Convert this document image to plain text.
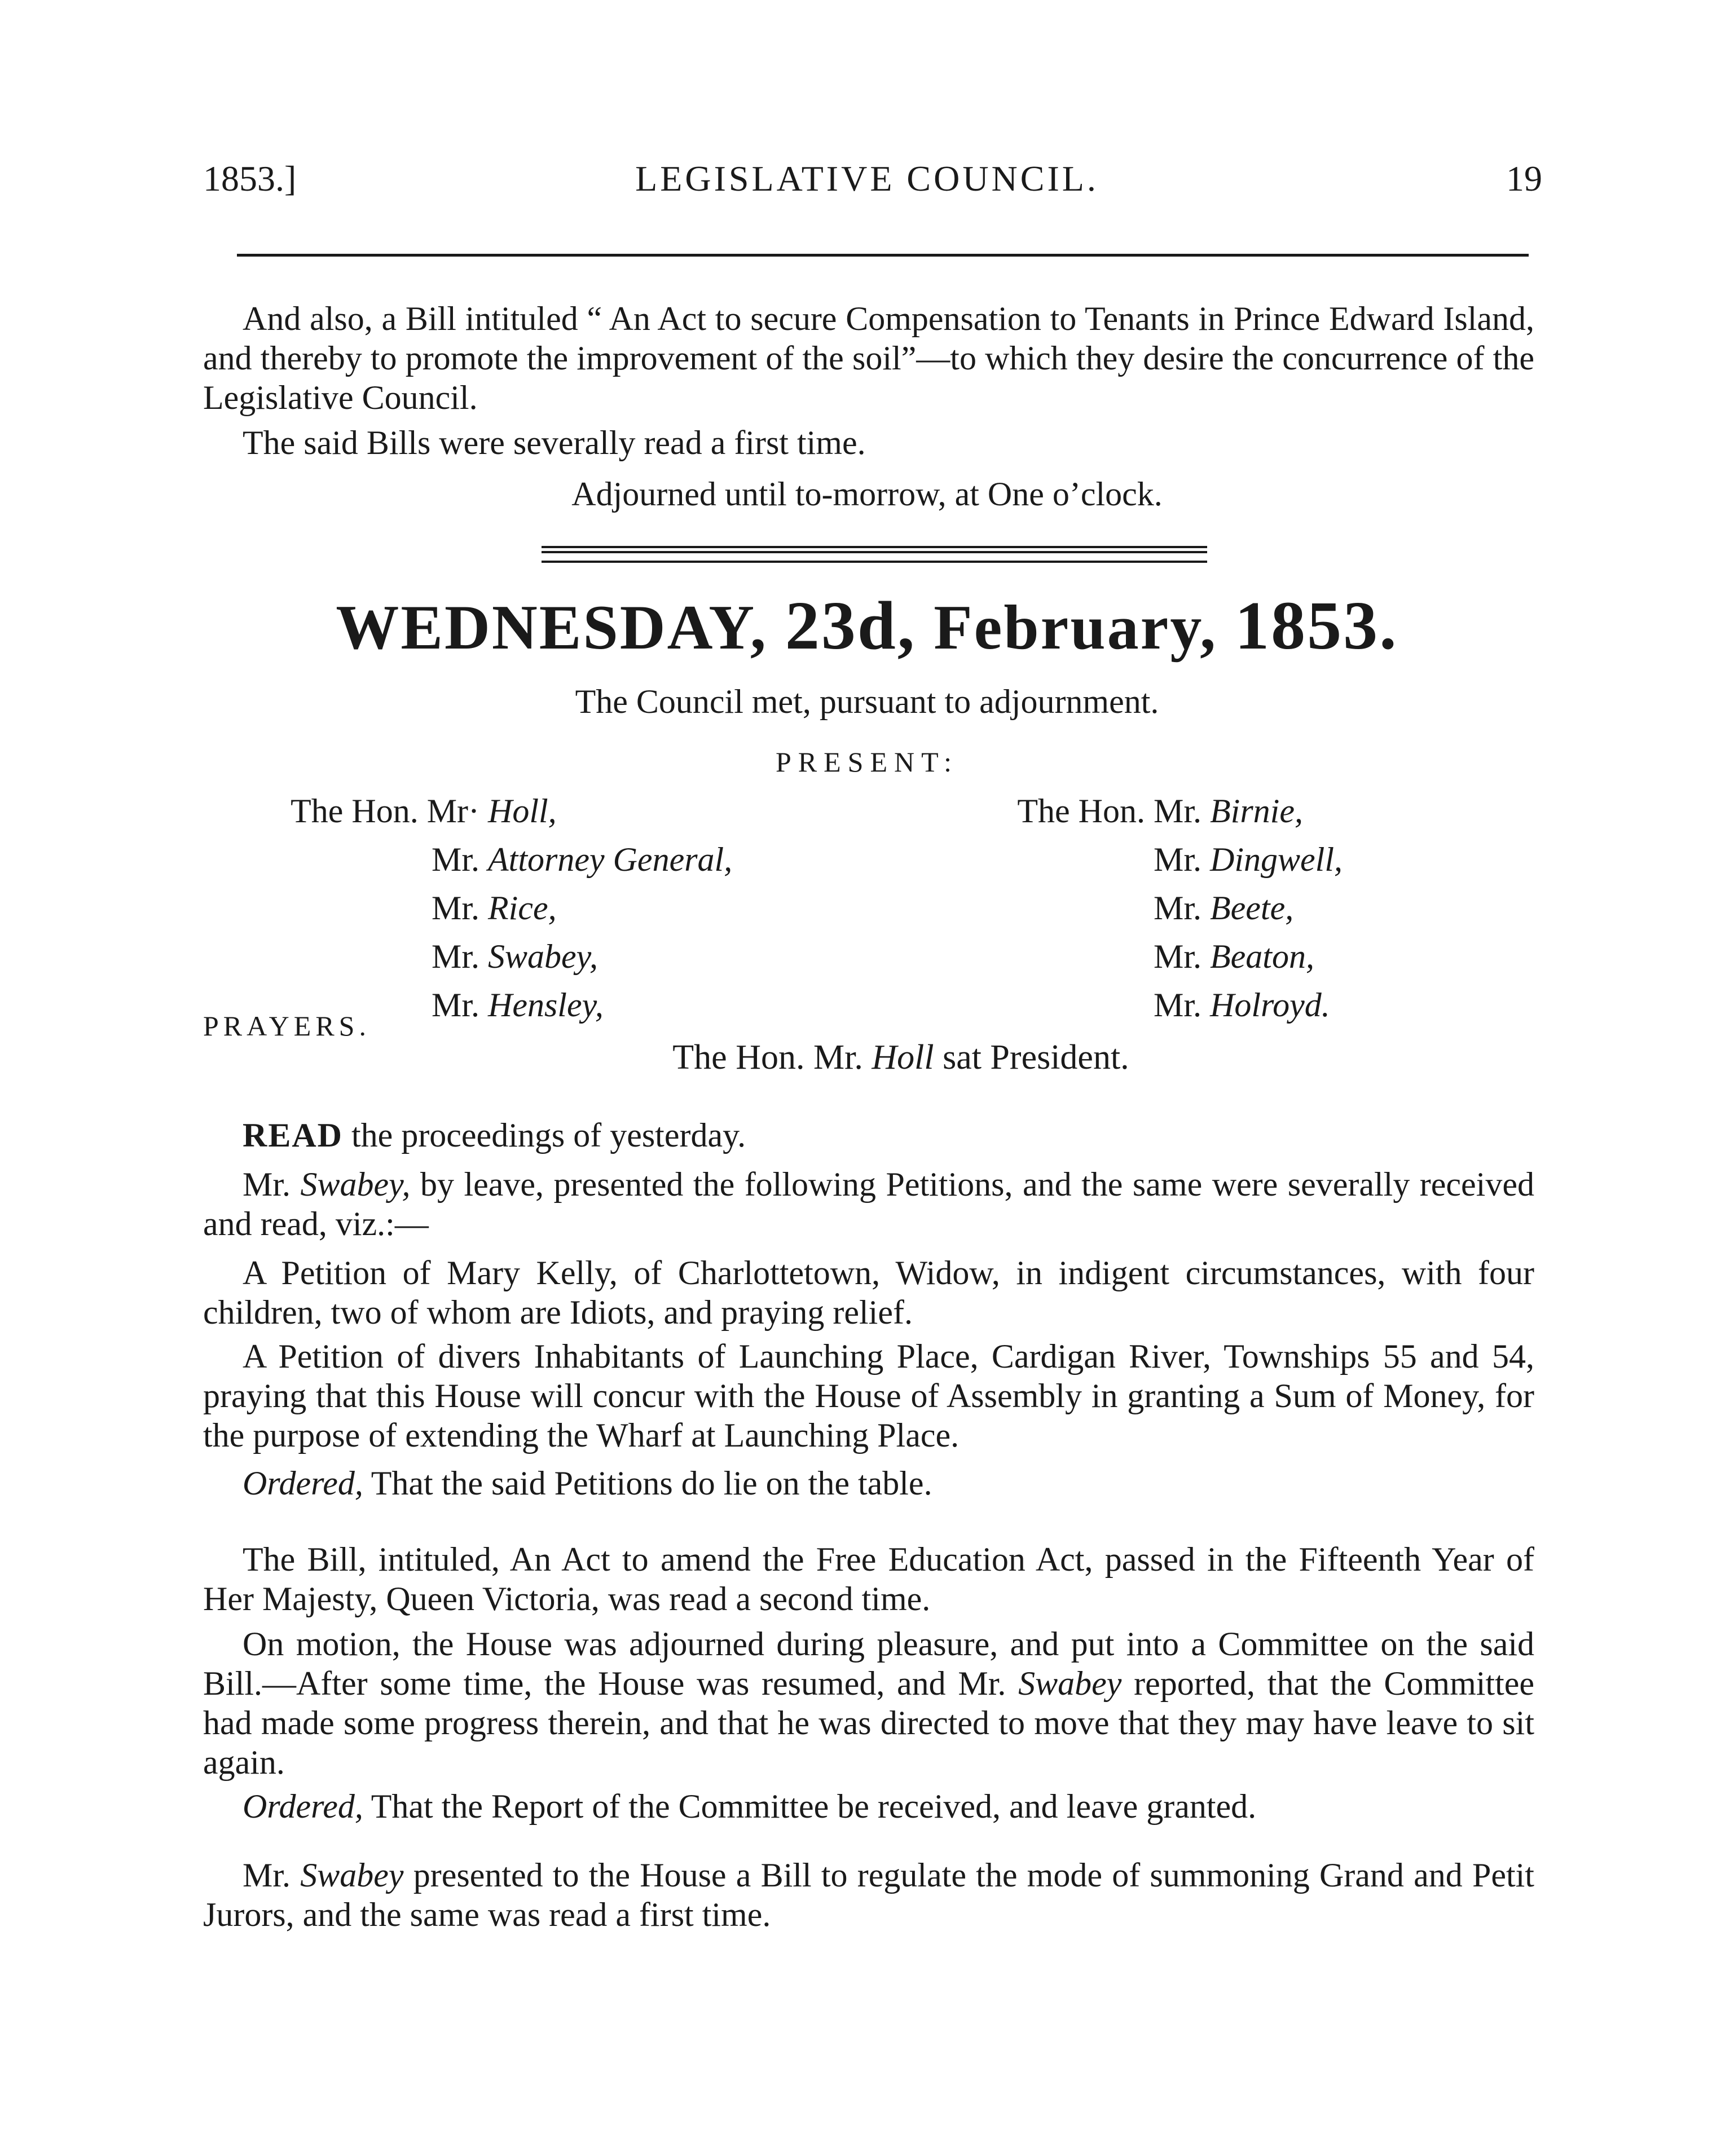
1853.]	LEGISLATIVE COUNCIL.	19
And also, a Bill intituled “ An Act to secure Compensation to Tenants in Prince Edward Island, and thereby to promote the improvement of the soil”—to which they desire the concurrence of the Legislative Council.
The said Bills were severally read a first time.
Adjourned until to-morrow, at One o’clock.
WEDNESDAY, 23d, February, 1853.
The Council met, pursuant to adjournment.
PRESENT:
The Hon. Mr· Holl,
Mr. Attorney General,
Mr. Rice,
Mr. Swabey,
Mr. Hensley,
The Hon. Mr. Birnie,
Mr. Dingwell,
Mr. Beete,
Mr. Beaton,
Mr. Holroyd.
PRAYERS.
The Hon. Mr. Holl sat President.
READ the proceedings of yesterday.
Mr. Swabey, by leave, presented the following Petitions, and the same were severally received and read, viz.:—
A Petition of Mary Kelly, of Charlottetown, Widow, in indigent circumstances, with four children, two of whom are Idiots, and praying relief.
A Petition of divers Inhabitants of Launching Place, Cardigan River, Townships 55 and 54, praying that this House will concur with the House of Assembly in granting a Sum of Money, for the purpose of extending the Wharf at Launching Place.
Ordered, That the said Petitions do lie on the table.
The Bill, intituled, An Act to amend the Free Education Act, passed in the Fifteenth Year of Her Majesty, Queen Victoria, was read a second time.
On motion, the House was adjourned during pleasure, and put into a Committee on the said Bill.—After some time, the House was resumed, and Mr. Swabey reported, that the Committee had made some progress therein, and that he was directed to move that they may have leave to sit again.
Ordered, That the Report of the Committee be received, and leave granted.
Mr. Swabey presented to the House a Bill to regulate the mode of summoning Grand and Petit Jurors, and the same was read a first time.
